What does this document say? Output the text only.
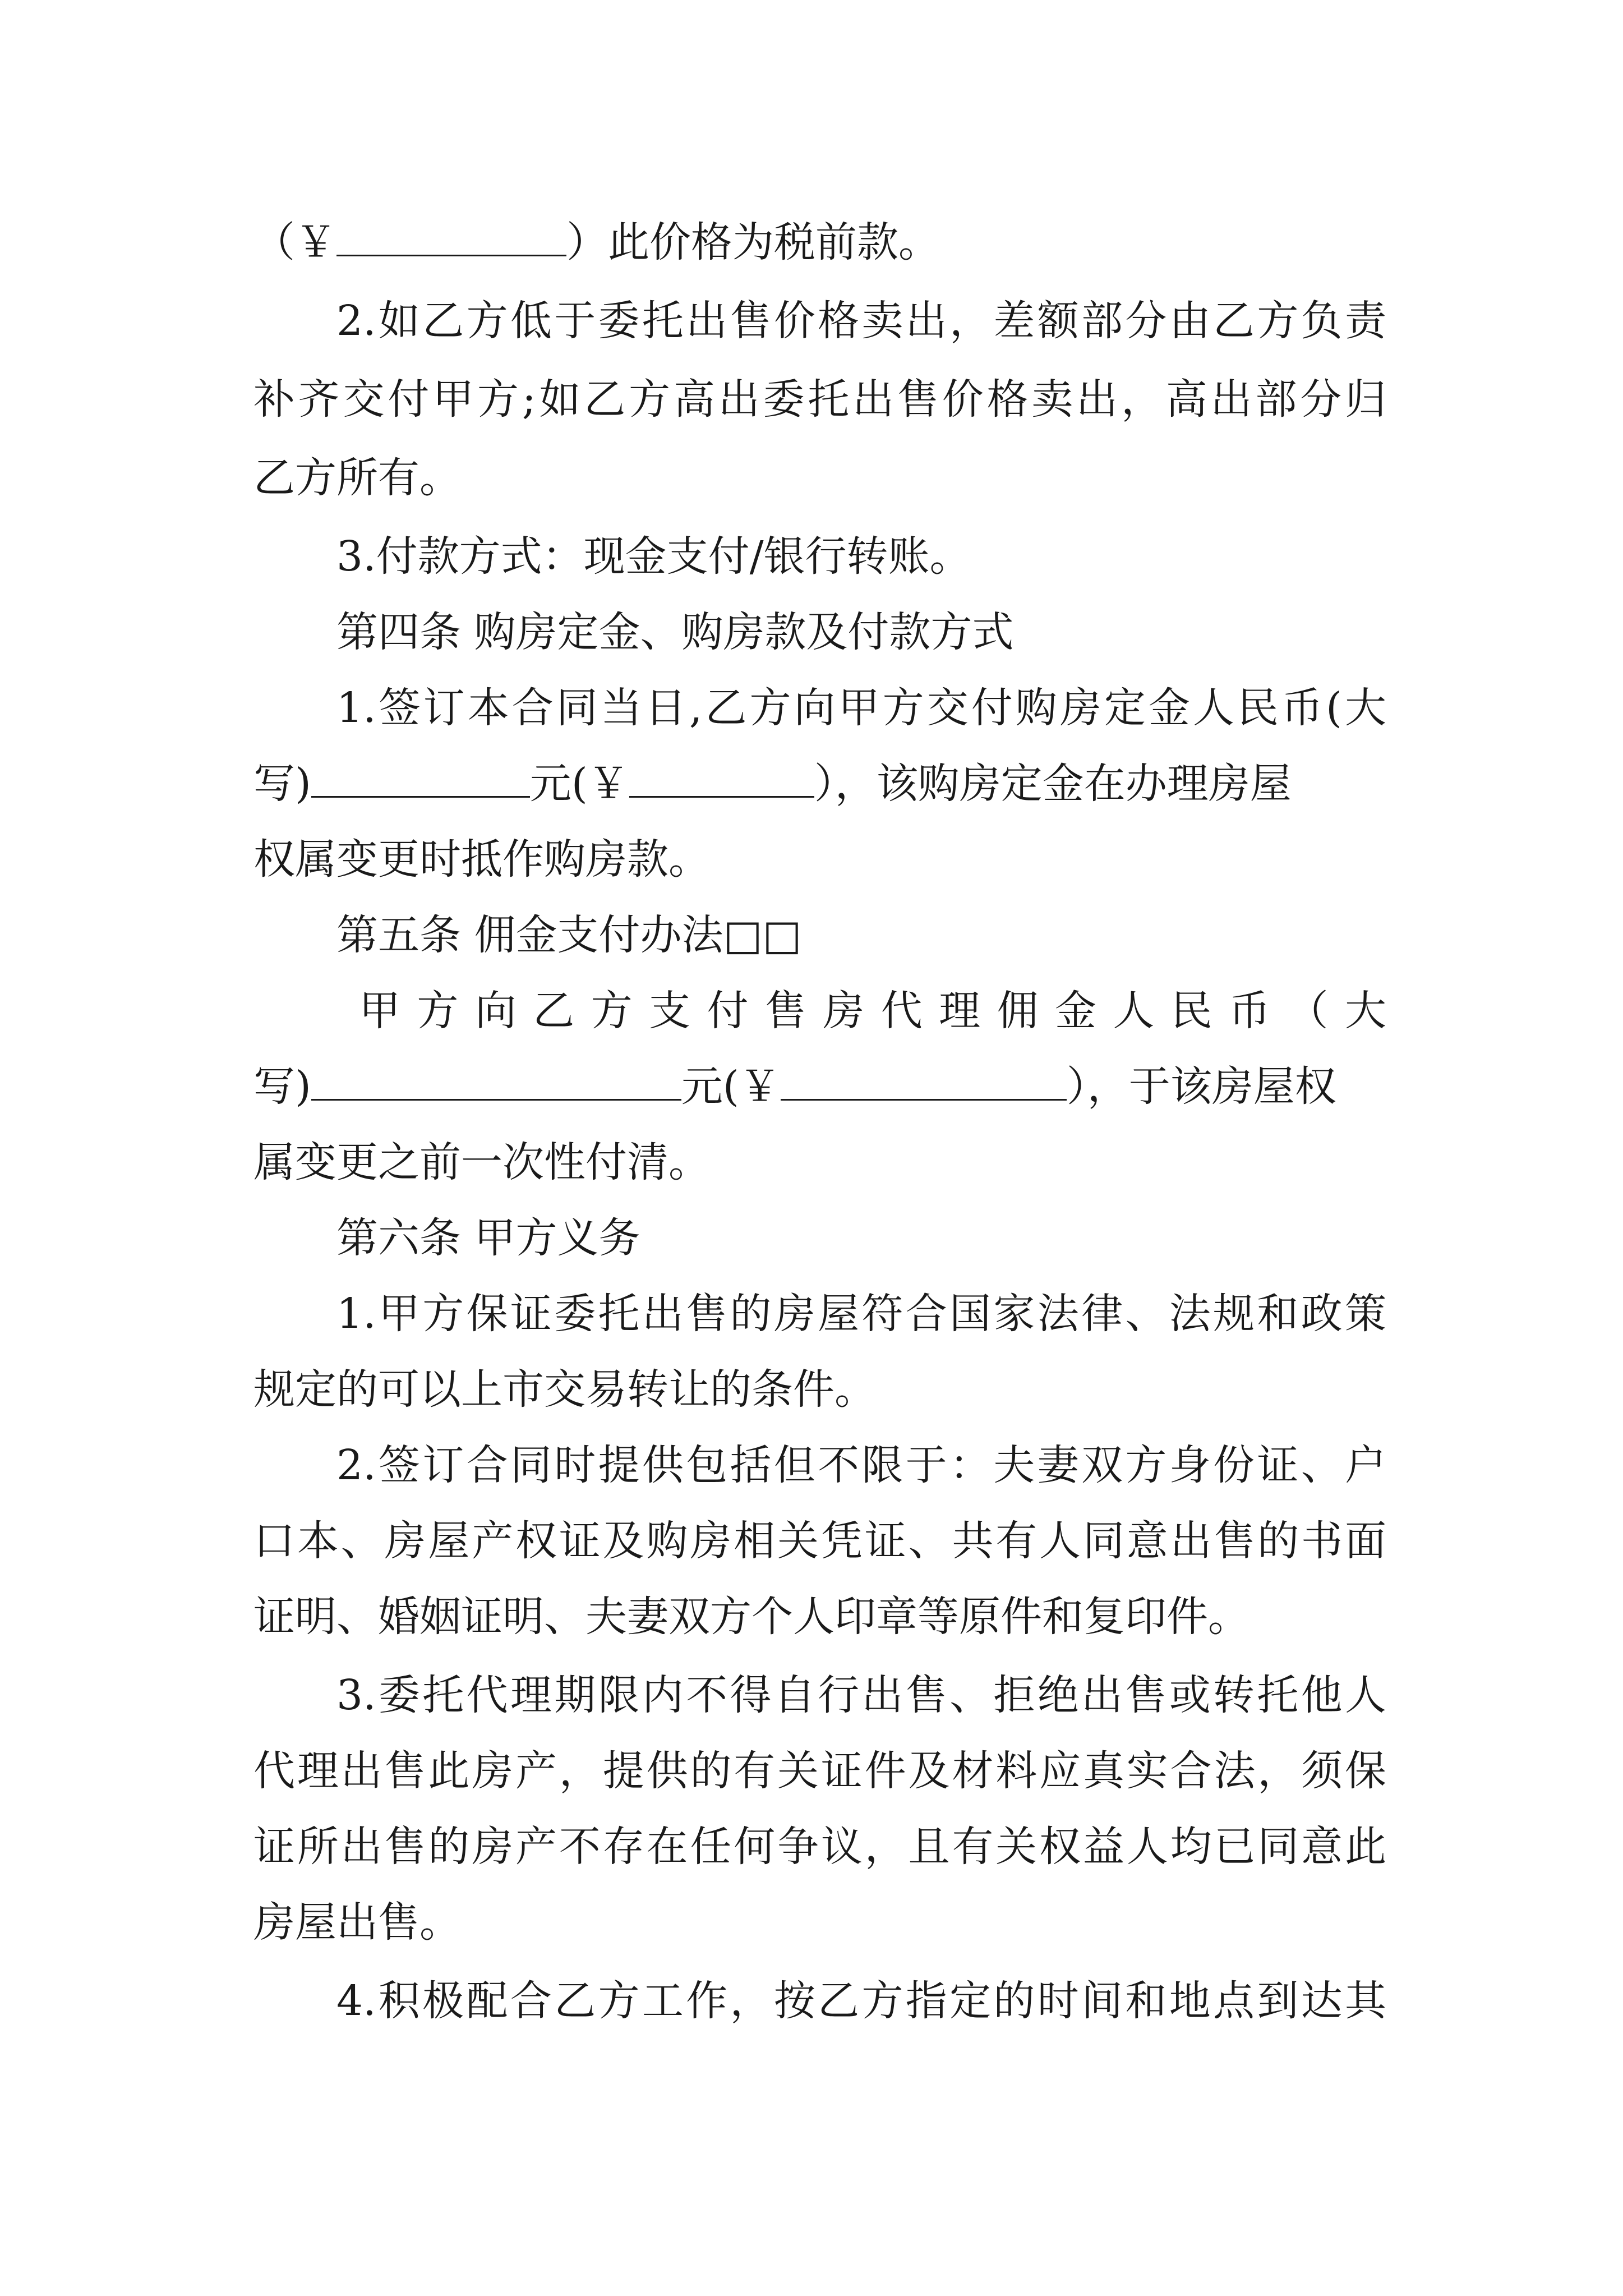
（￥	）此价格为税前款。
2.如乙方低于委托出售价格卖出，差额部分由乙方负责
补齐交付甲方;如乙方高出委托出售价格卖出，高出部分归
乙方所有。
3.付款方式：现金支付/银行转账。
第四条 购房定金、购房款及付款方式
1.签订本合同当日,乙方向甲方交付购房定金人民币(大
写)	元(￥	），该购房定金在办理房屋
权属变更时抵作购房款。
第五条 佣金支付办法□□
甲方向乙方支付售房代理佣金人民币（大
写)	元(￥	），于该房屋权
属变更之前一次性付清。
第六条 甲方义务
1.甲方保证委托出售的房屋符合国家法律、法规和政策
规定的可以上市交易转让的条件。
2.签订合同时提供包括但不限于：夫妻双方身份证、户
口本、房屋产权证及购房相关凭证、共有人同意出售的书面
证明、婚姻证明、夫妻双方个人印章等原件和复印件。
3.委托代理期限内不得自行出售、拒绝出售或转托他人
代理出售此房产，提供的有关证件及材料应真实合法，须保
证所出售的房产不存在任何争议，且有关权益人均已同意此
房屋出售。
4.积极配合乙方工作，按乙方指定的时间和地点到达其
